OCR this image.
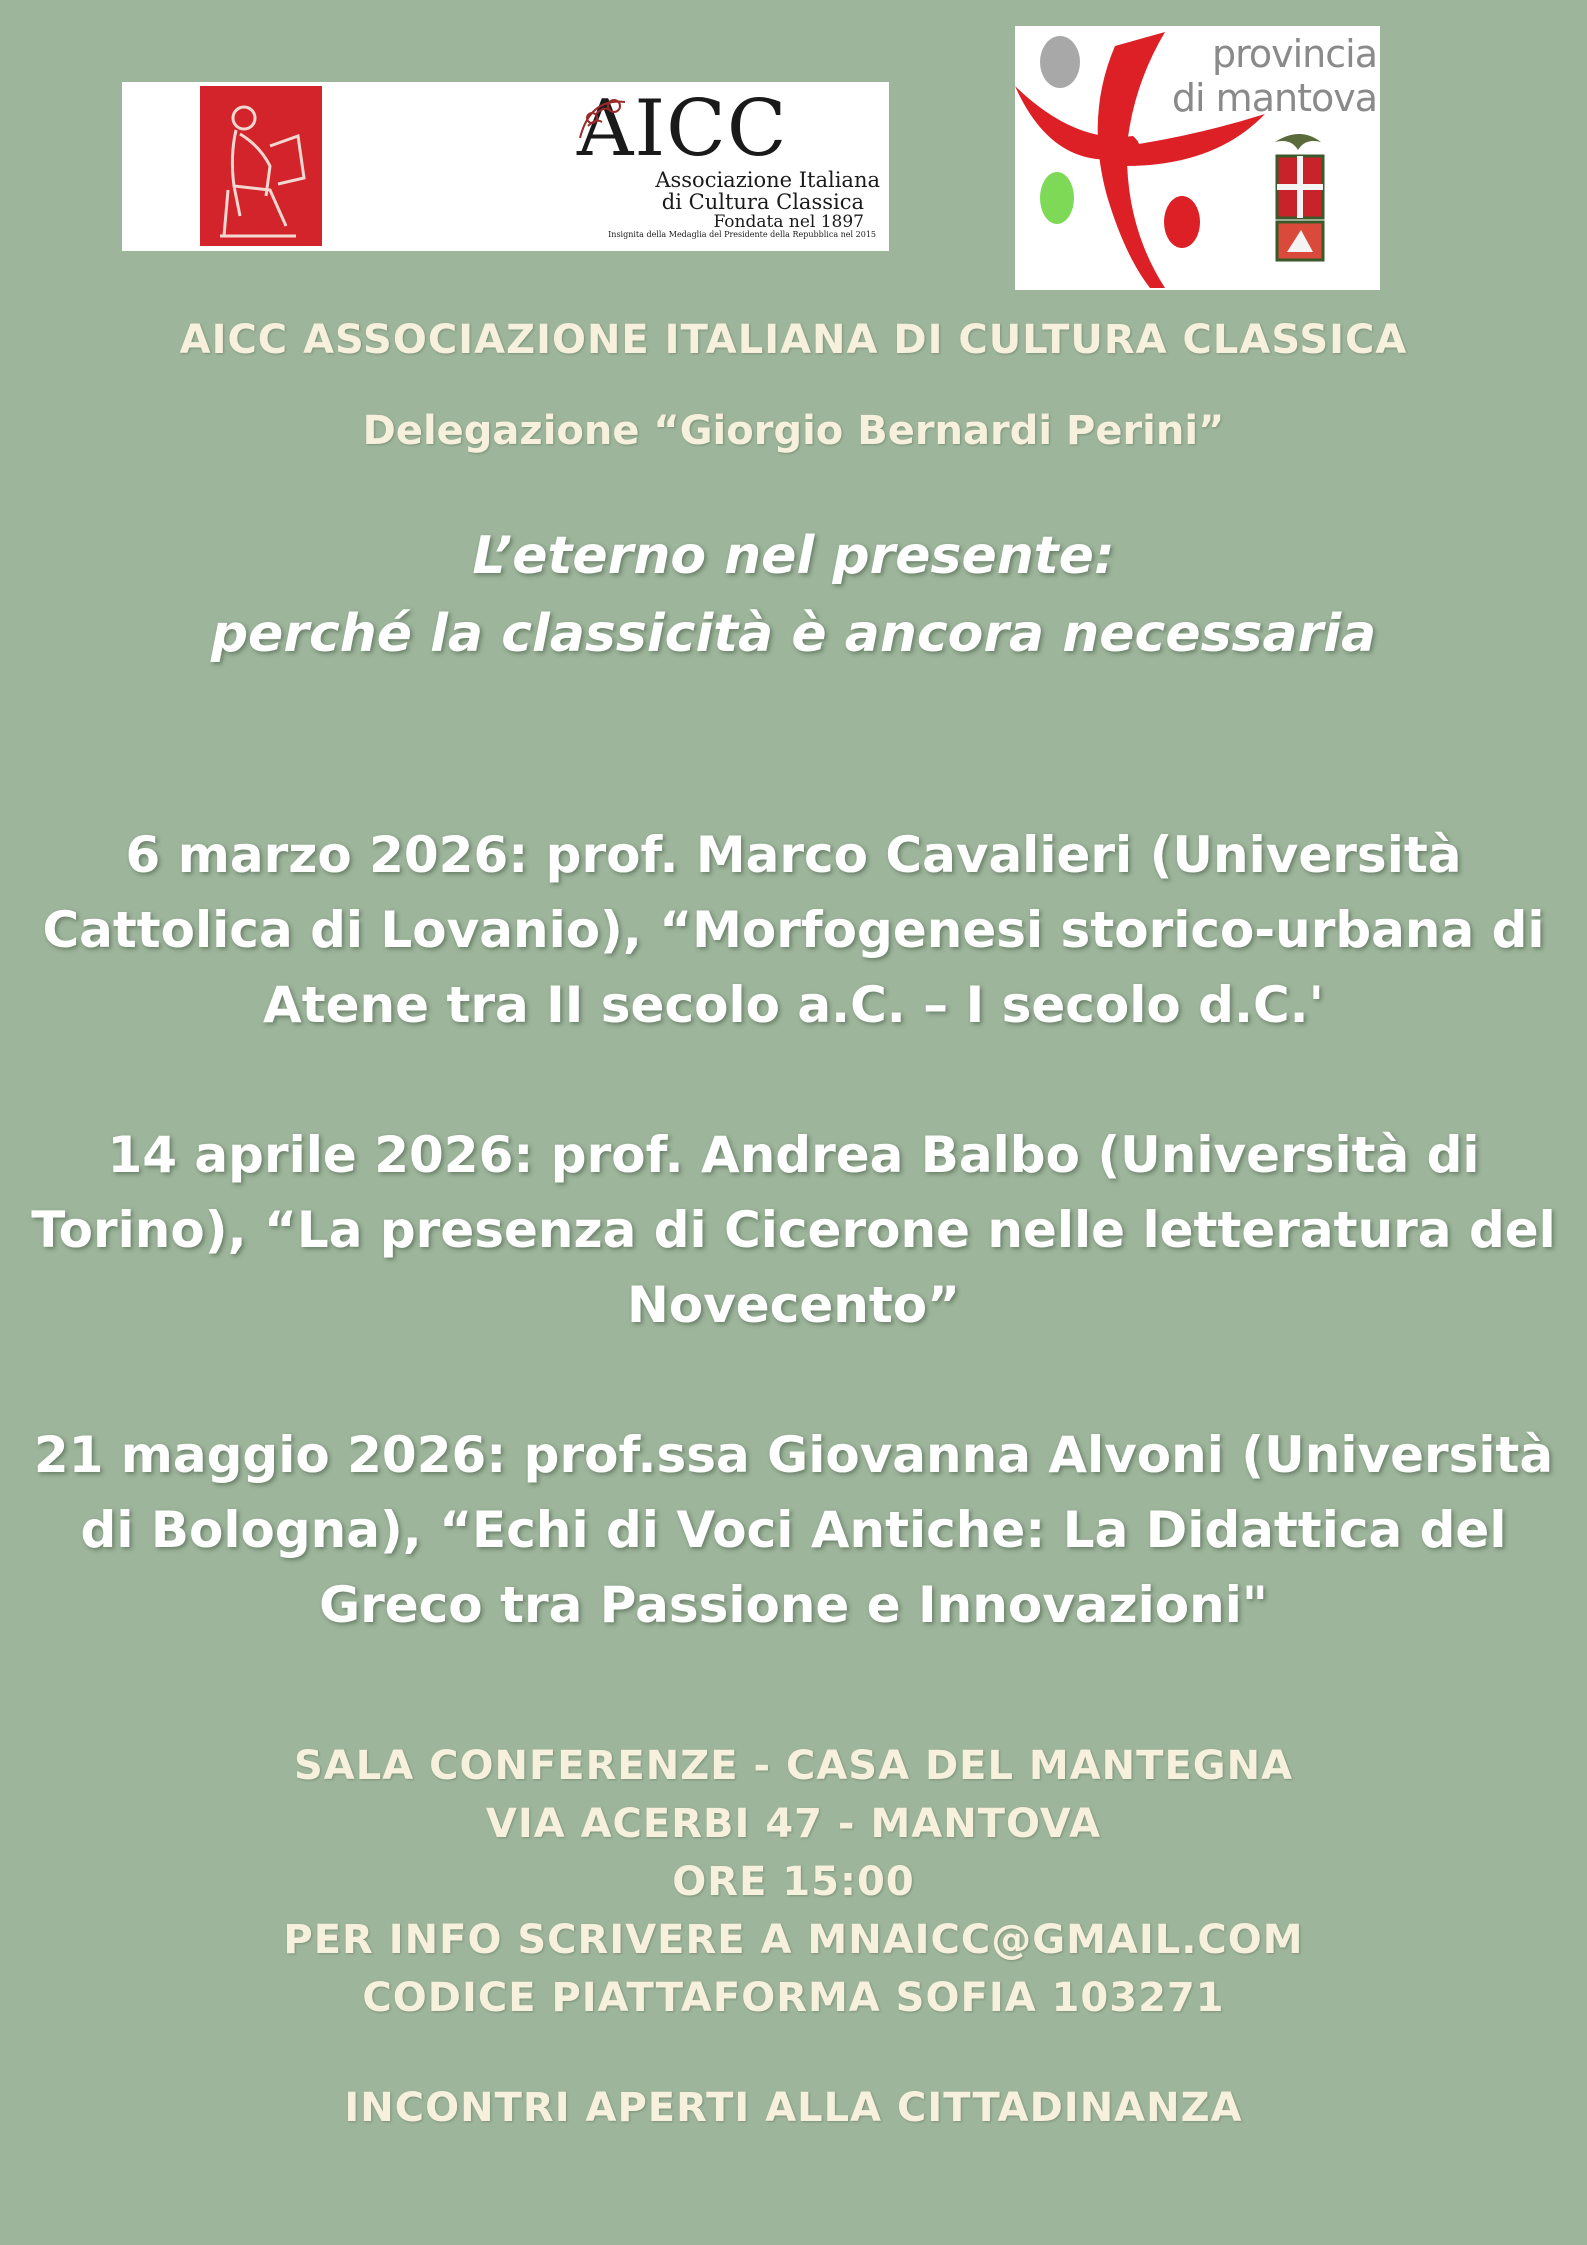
AICC
Associazione Italiana
di Cultura Classica
Fondata nel 1897
Insignita della Medaglia del Presidente della Repubblica nel 2015
provincia
di mantova
AICC ASSOCIAZIONE ITALIANA DI CULTURA CLASSICA
Delegazione “Giorgio Bernardi Perini”
L’eterno nel presente:
perché la classicità è ancora necessaria
6 marzo 2026: prof. Marco Cavalieri (Università
Cattolica di Lovanio), “Morfogenesi storico-urbana di
Atene tra II secolo a.C. – I secolo d.C.'
14 aprile 2026: prof. Andrea Balbo (Università di
Torino), “La presenza di Cicerone nelle letteratura del
Novecento”
21 maggio 2026: prof.ssa Giovanna Alvoni (Università
di Bologna), “Echi di Voci Antiche: La Didattica del
Greco tra Passione e Innovazioni"
SALA CONFERENZE - CASA DEL MANTEGNA
VIA ACERBI 47 - MANTOVA
ORE 15:00
PER INFO SCRIVERE A MNAICC@GMAIL.COM
CODICE PIATTAFORMA SOFIA 103271
INCONTRI APERTI ALLA CITTADINANZA
